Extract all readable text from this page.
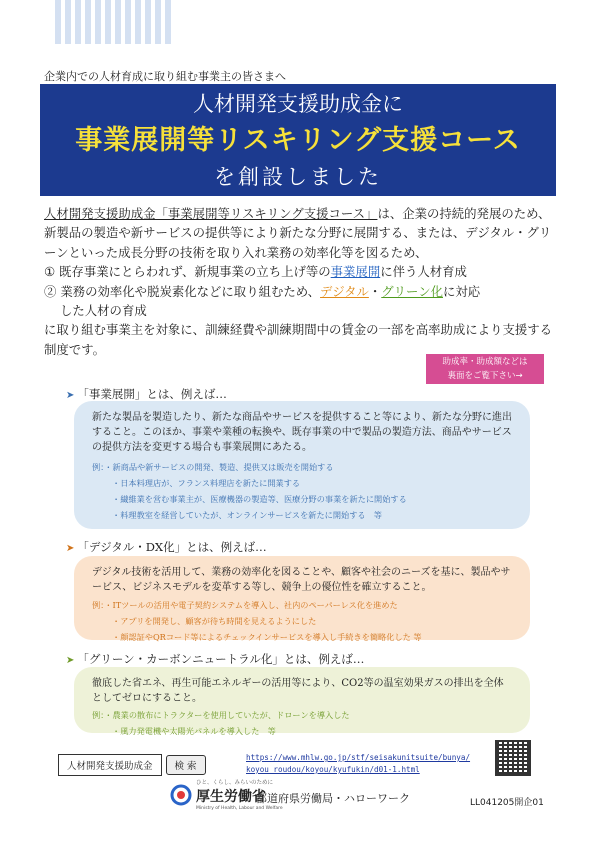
企業内での人材育成に取り組む事業主の皆さまへ
人材開発支援助成金に
事業展開等リスキリング支援コース
を創設しました
人材開発支援助成金「事業展開等リスキリング支援コース」は、企業の持続的発展のため、新製品の製造や新サービスの提供等により新たな分野に展開する、または、デジタル・グリーンといった成長分野の技術を取り入れ業務の効率化等を図るため、
① 既存事業にとらわれず、新規事業の立ち上げ等の事業展開に伴う人材育成
② 業務の効率化や脱炭素化などに取り組むため、デジタル・グリーン化に対応
した人材の育成
に取り組む事業主を対象に、訓練経費や訓練期間中の賃金の一部を高率助成により支援する制度です。
助成率・助成額などは
裏面をご覧下さい→
➤ 「事業展開」とは、例えば…
新たな製品を製造したり、新たな商品やサービスを提供すること等により、新たな分野に進出すること。このほか、事業や業種の転換や、既存事業の中で製品の製造方法、商品やサービスの提供方法を変更する場合も事業展開にあたる。
例：・新商品や新サービスの開発、製造、提供又は販売を開始する
・日本料理店が、フランス料理店を新たに開業する
・繊維業を営む事業主が、医療機器の製造等、医療分野の事業を新たに開始する
・料理教室を経営していたが、オンラインサービスを新たに開始する　等
➤ 「デジタル・DX化」とは、例えば…
デジタル技術を活用して、業務の効率化を図ることや、顧客や社会のニーズを基に、製品やサービス、ビジネスモデルを変革する等し、競争上の優位性を確立すること。
例：・ITツールの活用や電子契約システムを導入し、社内のペーパーレス化を進めた
・アプリを開発し、顧客が待ち時間を見えるようにした
・顔認証やQRコード等によるチェックインサービスを導入し手続きを簡略化した 等
➤ 「グリーン・カーボンニュートラル化」とは、例えば…
徹底した省エネ、再生可能エネルギーの活用等により、CO2等の温室効果ガスの排出を全体としてゼロにすること。
例：・農業の散布にトラクターを使用していたが、ドローンを導入した
・風力発電機や太陽光パネルを導入した　等
人材開発支援助成金	検 索
https://www.mhlw.go.jp/stf/seisakunitsuite/bunya/
koyou_roudou/koyou/kyufukin/d01-1.html
ひと、くらし、みらいのために
厚生労働省
Ministry of Health, Labour and Welfare
都道府県労働局・ハローワーク	LL041205開企01
